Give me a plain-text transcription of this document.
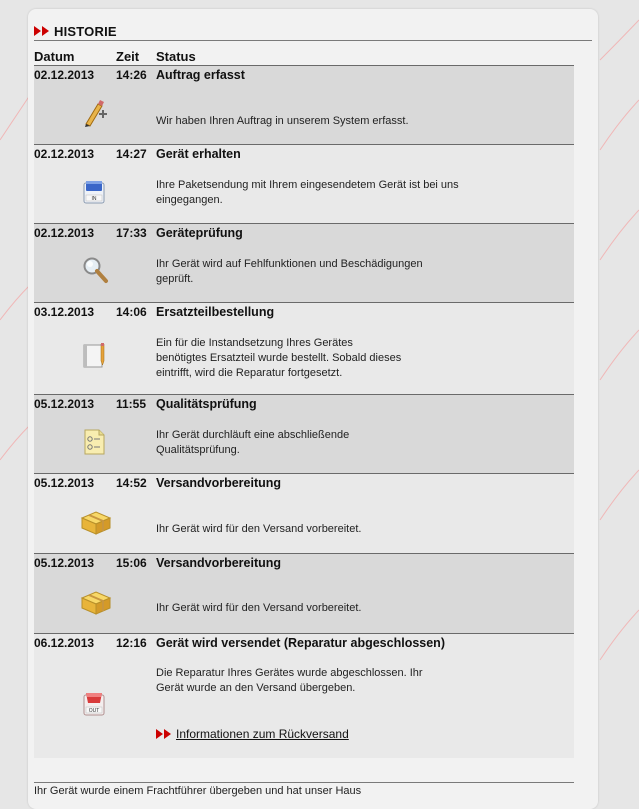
HISTORIE
Datum	Zeit Status
02.12.2013 14:26 Auftrag erfasst
Wir haben Ihren Auftrag in unserem System erfasst.
02.12.2013 14:27 Gerät erhalten
IN
Ihre Paketsendung mit Ihrem eingesendetem Gerät ist bei uns
eingegangen.
02.12.2013 17:33 Geräteprüfung
Ihr Gerät wird auf Fehlfunktionen und Beschädigungen
geprüft.
03.12.2013 14:06 Ersatzteilbestellung
Ein für die Instandsetzung Ihres Gerätes
benötigtes Ersatzteil wurde bestellt. Sobald dieses
eintrifft, wird die Reparatur fortgesetzt.
05.12.2013 11:55 Qualitätsprüfung
Ihr Gerät durchläuft eine abschließende
Qualitätsprüfung.
05.12.2013 14:52 Versandvorbereitung
Ihr Gerät wird für den Versand vorbereitet.
05.12.2013 15:06 Versandvorbereitung
Ihr Gerät wird für den Versand vorbereitet.
06.12.2013 12:16 Gerät wird versendet (Reparatur abgeschlossen)
OUT
Die Reparatur Ihres Gerätes wurde abgeschlossen. Ihr
Gerät wurde an den Versand übergeben.
Informationen zum Rückversand
Ihr Gerät wurde einem Frachtführer übergeben und hat unser Haus
